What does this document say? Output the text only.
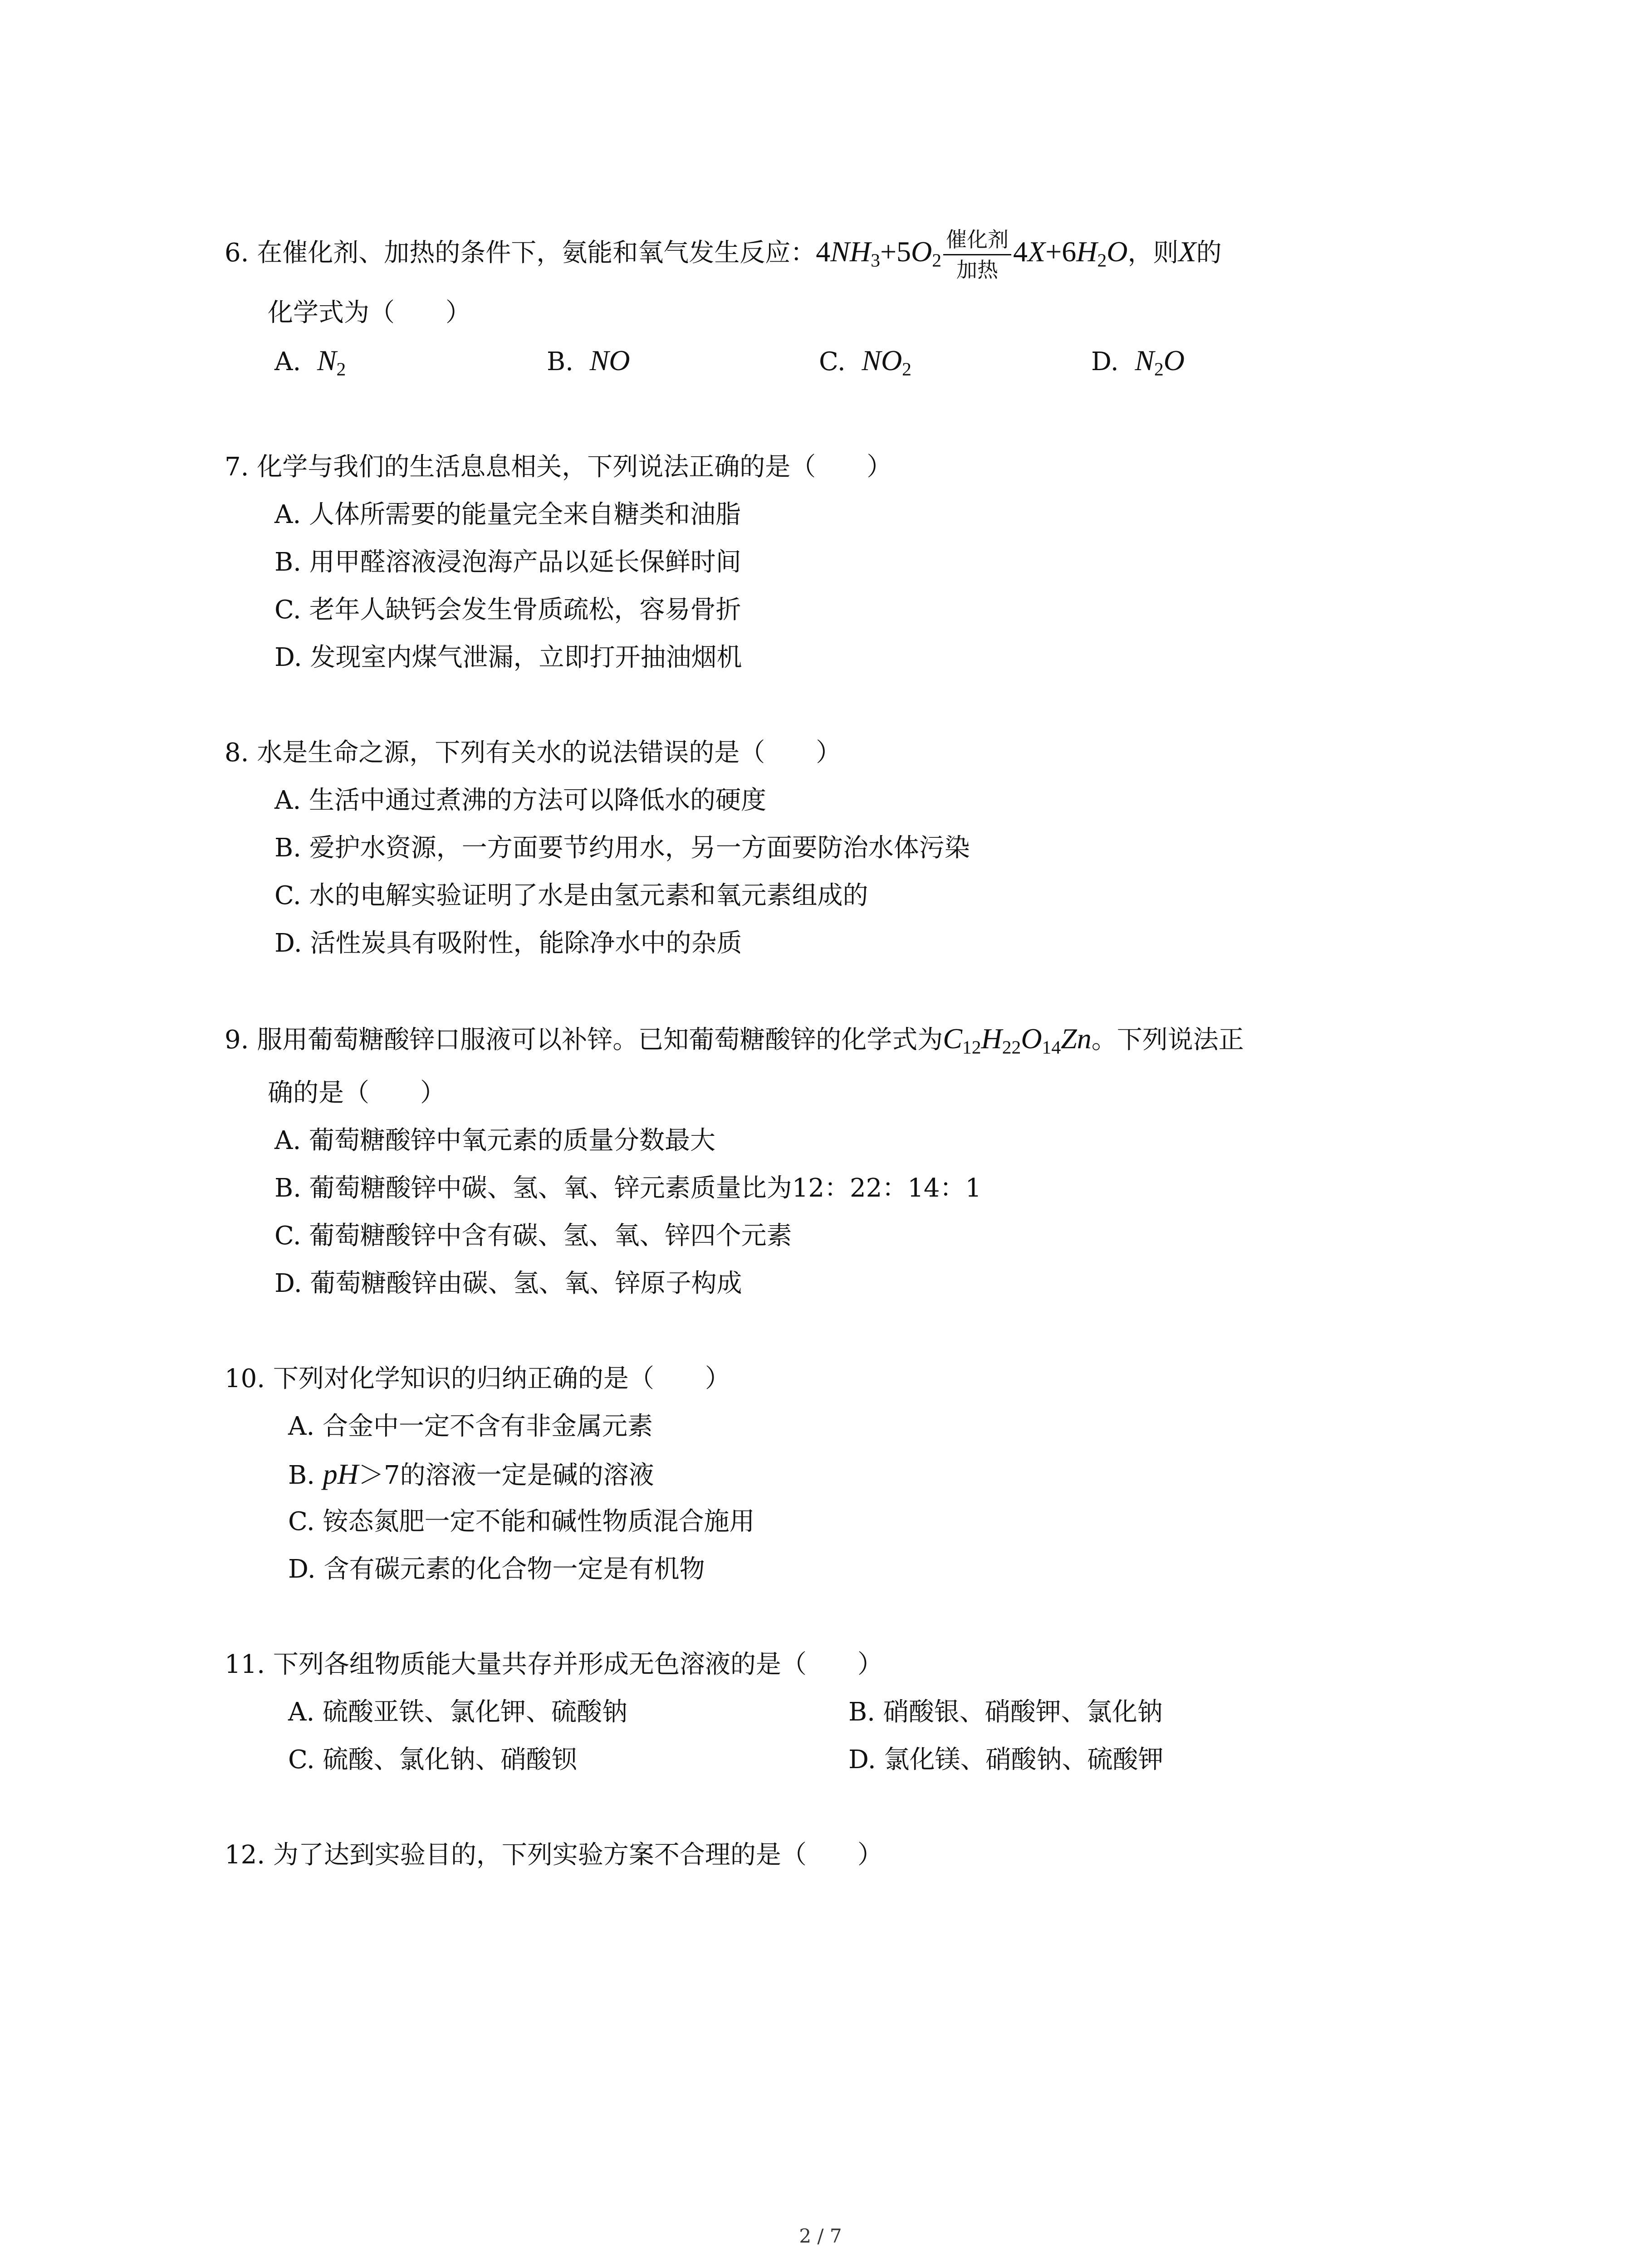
6. 在催化剂、加热的条件下，氨能和氧气发生反应：$4NH_3+5O_2 \frac{\text{催化剂}}{\text{加热}} 4X+6H_2O$，则X的
化学式为（　　）
A. $N_2$	B. NO	C. $NO_2$	D. $N_2O$
7. 化学与我们的生活息息相关，下列说法正确的是（　　）
A. 人体所需要的能量完全来自糖类和油脂
B. 用甲醛溶液浸泡海产品以延长保鲜时间
C. 老年人缺钙会发生骨质疏松，容易骨折
D. 发现室内煤气泄漏，立即打开抽油烟机
8. 水是生命之源，下列有关水的说法错误的是（　　）
A. 生活中通过煮沸的方法可以降低水的硬度
B. 爱护水资源，一方面要节约用水，另一方面要防治水体污染
C. 水的电解实验证明了水是由氢元素和氧元素组成的
D. 活性炭具有吸附性，能除净水中的杂质
9. 服用葡萄糖酸锌口服液可以补锌。已知葡萄糖酸锌的化学式为$C_{12}H_{22}O_{14}Zn$。下列说法正
确的是（　　）
A. 葡萄糖酸锌中氧元素的质量分数最大
B. 葡萄糖酸锌中碳、氢、氧、锌元素质量比为12：22：14：1
C. 葡萄糖酸锌中含有碳、氢、氧、锌四个元素
D. 葡萄糖酸锌由碳、氢、氧、锌原子构成
10. 下列对化学知识的归纳正确的是（　　）
A. 合金中一定不含有非金属元素
B. pH＞7的溶液一定是碱的溶液
C. 铵态氮肥一定不能和碱性物质混合施用
D. 含有碳元素的化合物一定是有机物
11. 下列各组物质能大量共存并形成无色溶液的是（　　）
A. 硫酸亚铁、氯化钾、硫酸钠	B. 硝酸银、硝酸钾、氯化钠
C. 硫酸、氯化钠、硝酸钡	D. 氯化镁、硝酸钠、硫酸钾
12. 为了达到实验目的，下列实验方案不合理的是（　　）
2 / 7
